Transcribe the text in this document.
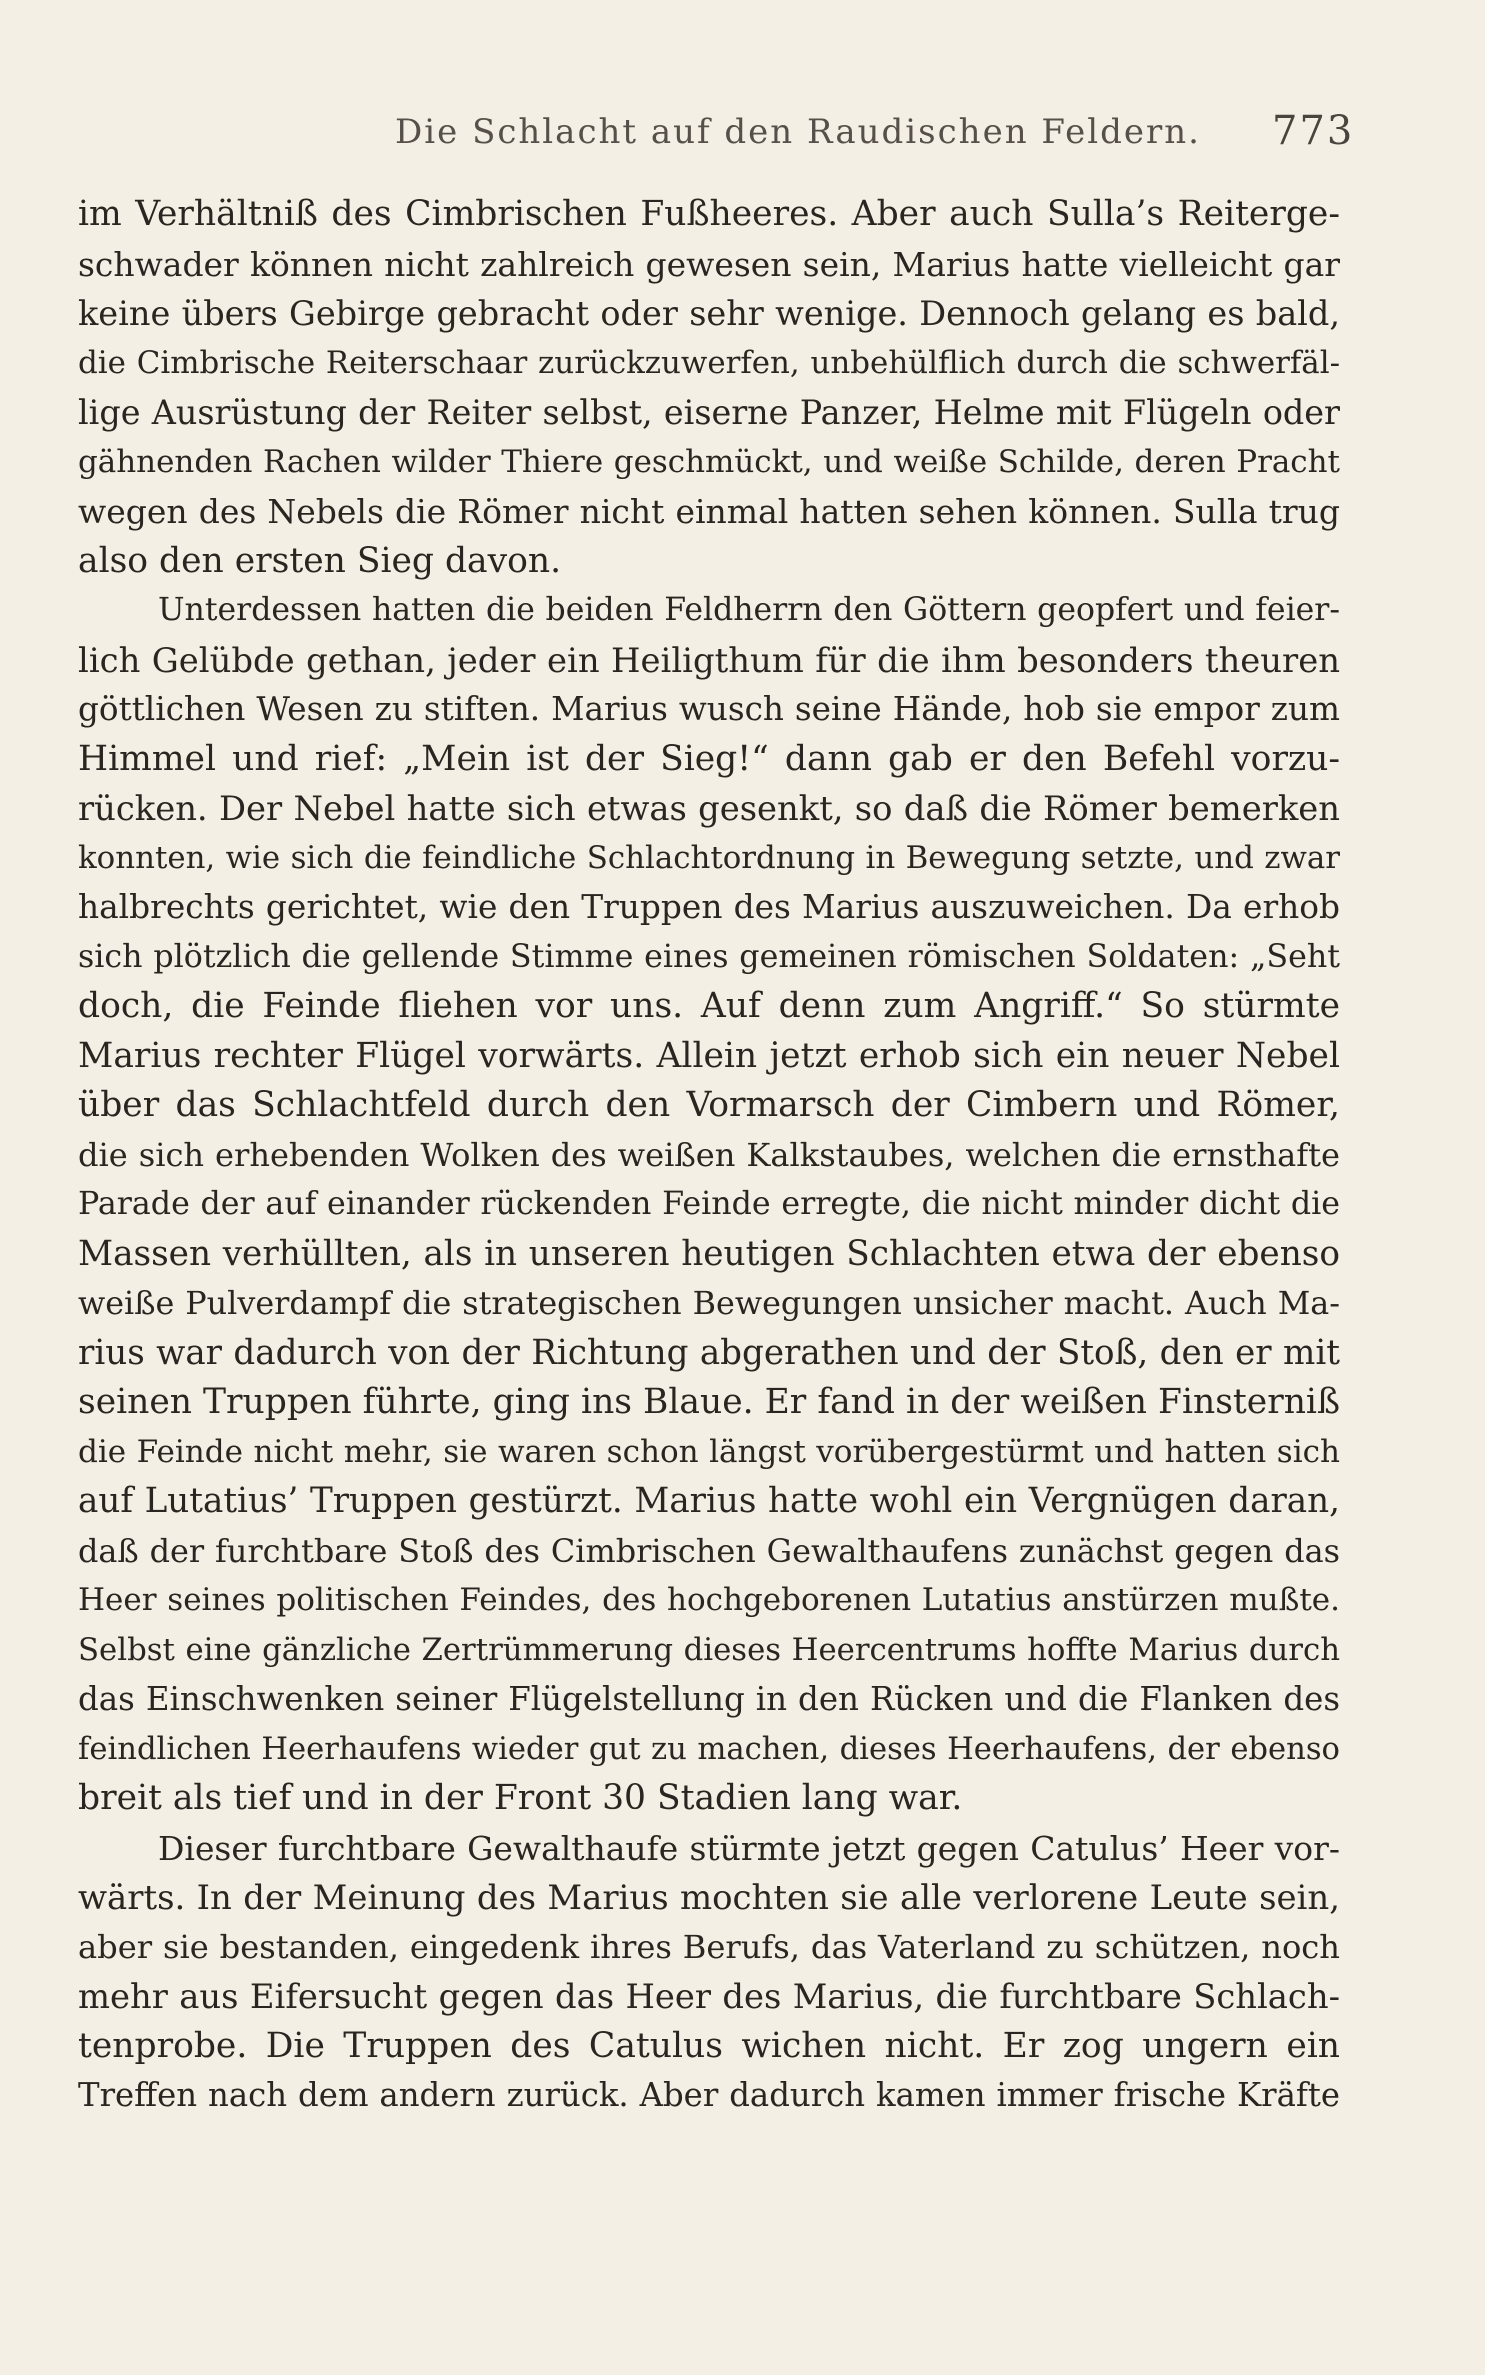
Die Schlacht auf den Raudischen Feldern. 773
im Verhältniß des Cimbrischen Fußheeres. Aber auch Sulla’s Reiterge-
schwader können nicht zahlreich gewesen sein, Marius hatte vielleicht gar
keine übers Gebirge gebracht oder sehr wenige. Dennoch gelang es bald,
die Cimbrische Reiterschaar zurückzuwerfen, unbehülflich durch die schwerfäl-
lige Ausrüstung der Reiter selbst, eiserne Panzer, Helme mit Flügeln oder
gähnenden Rachen wilder Thiere geschmückt, und weiße Schilde, deren Pracht
wegen des Nebels die Römer nicht einmal hatten sehen können. Sulla trug
also den ersten Sieg davon.
Unterdessen hatten die beiden Feldherrn den Göttern geopfert und feier-
lich Gelübde gethan, jeder ein Heiligthum für die ihm besonders theuren
göttlichen Wesen zu stiften. Marius wusch seine Hände, hob sie empor zum
Himmel und rief: „Mein ist der Sieg!“ dann gab er den Befehl vorzu-
rücken. Der Nebel hatte sich etwas gesenkt, so daß die Römer bemerken
konnten, wie sich die feindliche Schlachtordnung in Bewegung setzte, und zwar
halbrechts gerichtet, wie den Truppen des Marius auszuweichen. Da erhob
sich plötzlich die gellende Stimme eines gemeinen römischen Soldaten: „Seht
doch, die Feinde fliehen vor uns. Auf denn zum Angriff.“ So stürmte
Marius rechter Flügel vorwärts. Allein jetzt erhob sich ein neuer Nebel
über das Schlachtfeld durch den Vormarsch der Cimbern und Römer,
die sich erhebenden Wolken des weißen Kalkstaubes, welchen die ernsthafte
Parade der auf einander rückenden Feinde erregte, die nicht minder dicht die
Massen verhüllten, als in unseren heutigen Schlachten etwa der ebenso
weiße Pulverdampf die strategischen Bewegungen unsicher macht. Auch Ma-
rius war dadurch von der Richtung abgerathen und der Stoß, den er mit
seinen Truppen führte, ging ins Blaue. Er fand in der weißen Finsterniß
die Feinde nicht mehr, sie waren schon längst vorübergestürmt und hatten sich
auf Lutatius’ Truppen gestürzt. Marius hatte wohl ein Vergnügen daran,
daß der furchtbare Stoß des Cimbrischen Gewalthaufens zunächst gegen das
Heer seines politischen Feindes, des hochgeborenen Lutatius anstürzen mußte.
Selbst eine gänzliche Zertrümmerung dieses Heercentrums hoffte Marius durch
das Einschwenken seiner Flügelstellung in den Rücken und die Flanken des
feindlichen Heerhaufens wieder gut zu machen, dieses Heerhaufens, der ebenso
breit als tief und in der Front 30 Stadien lang war.
Dieser furchtbare Gewalthaufe stürmte jetzt gegen Catulus’ Heer vor-
wärts. In der Meinung des Marius mochten sie alle verlorene Leute sein,
aber sie bestanden, eingedenk ihres Berufs, das Vaterland zu schützen, noch
mehr aus Eifersucht gegen das Heer des Marius, die furchtbare Schlach-
tenprobe. Die Truppen des Catulus wichen nicht. Er zog ungern ein
Treffen nach dem andern zurück. Aber dadurch kamen immer frische Kräfte
